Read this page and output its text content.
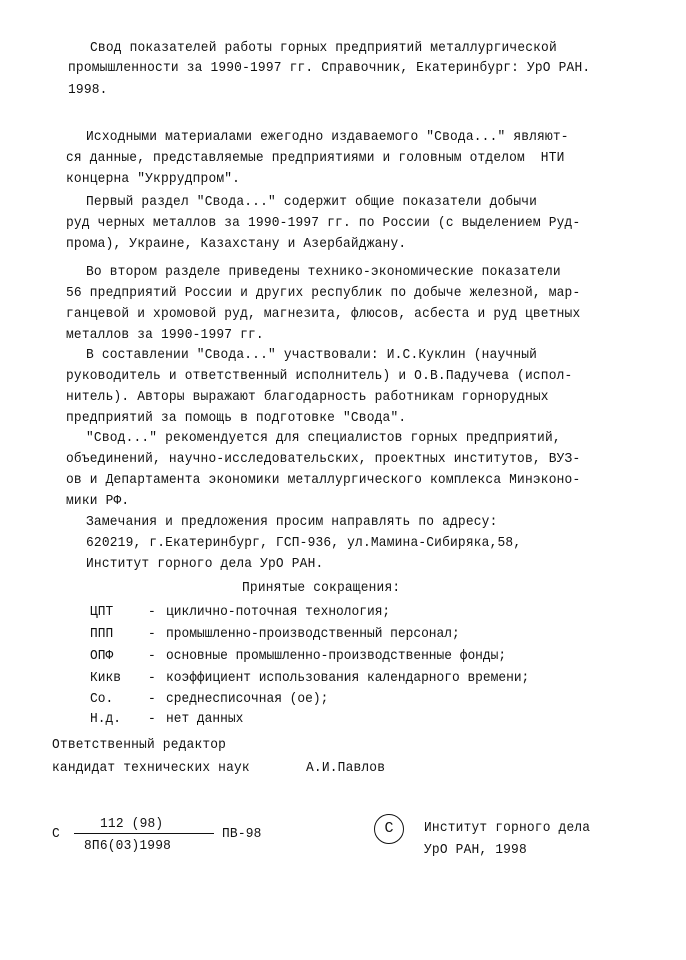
Свод показателей работы горных предприятий металлургической
промышленности за 1990-1997 гг. Справочник, Екатеринбург: УрО РАН.
1998.
Исходными материалами ежегодно издаваемого "Свода..." являют-
ся данные, представляемые предприятиями и головным отделом  НТИ
концерна "Укррудпром".
Первый раздел "Свода..." содержит общие показатели добычи
руд черных металлов за 1990-1997 гг. по России (с выделением Руд-
прома), Украине, Казахстану и Азербайджану.
Во втором разделе приведены технико-экономические показатели
56 предприятий России и других республик по добыче железной, мар-
ганцевой и хромовой руд, магнезита, флюсов, асбеста и руд цветных
металлов за 1990-1997 гг.
В составлении "Свода..." участвовали: И.С.Куклин (научный
руководитель и ответственный исполнитель) и О.В.Падучева (испол-
нитель). Авторы выражают благодарность работникам горнорудных
предприятий за помощь в подготовке "Свода".
"Свод..." рекомендуется для специалистов горных предприятий,
объединений, научно-исследовательских, проектных институтов, ВУЗ-
ов и Департамента экономики металлургического комплекса Минэконо-
мики РФ.
Замечания и предложения просим направлять по адресу:
620219, г.Екатеринбург, ГСП-936, ул.Мамина-Сибиряка,58,
Институт горного дела УрО РАН.
Принятые сокращения:
ЦПТ - циклично-поточная технология;
ППП - промышленно-производственный персонал;
ОПФ - основные промышленно-производственные фонды;
Кикв - коэффициент использования календарного времени;
Со. - среднесписочная (ое);
Н.д. - нет данных
Ответственный редактор
кандидат технических наук	А.И.Павлов
С
112 (98)
8П6(03)1998
ПВ-98	С	Институт горного дела
УрО РАН, 1998
